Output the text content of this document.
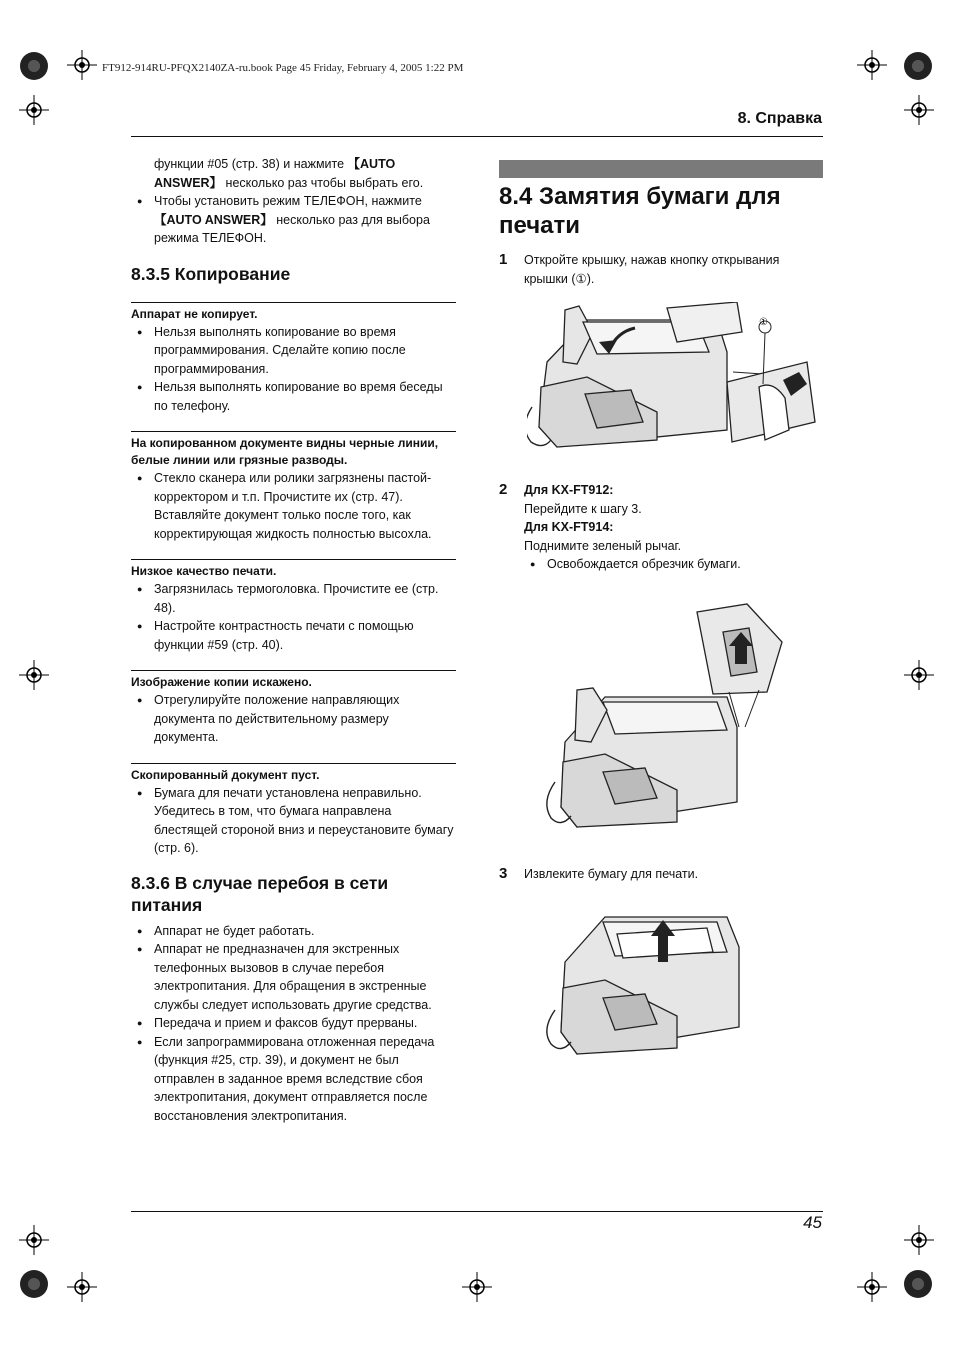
FT912-914RU-PFQX2140ZA-ru.book Page 45 Friday, February 4, 2005 1:22 PM
8. Справка
функции #05 (стр. 38) и нажмите 【AUTO ANSWER】 несколько раз чтобы выбрать его.
● Чтобы установить режим ТЕЛЕФОН, нажмите 【AUTO ANSWER】 несколько раз для выбора режима ТЕЛЕФОН.
8.3.5 Копирование
Аппарат не копирует.
● Нельзя выполнять копирование во время программирования. Сделайте копию после программирования.
● Нельзя выполнять копирование во время беседы по телефону.
На копированном документе видны черные линии, белые линии или грязные разводы.
● Стекло сканера или ролики загрязнены пастой-корректором и т.п. Прочистите их (стр. 47). Вставляйте документ только после того, как корректирующая жидкость полностью высохла.
Низкое качество печати.
● Загрязнилась термоголовка. Прочистите ее (стр. 48).
● Настройте контрастность печати с помощью функции #59 (стр. 40).
Изображение копии искажено.
● Отрегулируйте положение направляющих документа по действительному размеру документа.
Скопированный документ пуст.
● Бумага для печати установлена неправильно. Убедитесь в том, что бумага направлена блестящей стороной вниз и переустановите бумагу (стр. 6).
8.3.6 В случае перебоя в сети питания
● Аппарат не будет работать.
● Аппарат не предназначен для экстренных телефонных вызовов в случае перебоя электропитания. Для обращения в экстренные службы следует использовать другие средства.
● Передача и прием и факсов будут прерваны.
● Если запрограммирована отложенная передача (функция #25, стр. 39), и документ не был отправлен в заданное время вследствие сбоя электропитания, документ отправляется после восстановления электропитания.
8.4 Замятия бумаги для печати
1 Откройте крышку, нажав кнопку открывания крышки (①).
①
2 Для KX-FT912:
Перейдите к шагу 3.
Для KX-FT914:
Поднимите зеленый рычаг.
● Освобождается обрезчик бумаги.
3 Извлеките бумагу для печати.
45
